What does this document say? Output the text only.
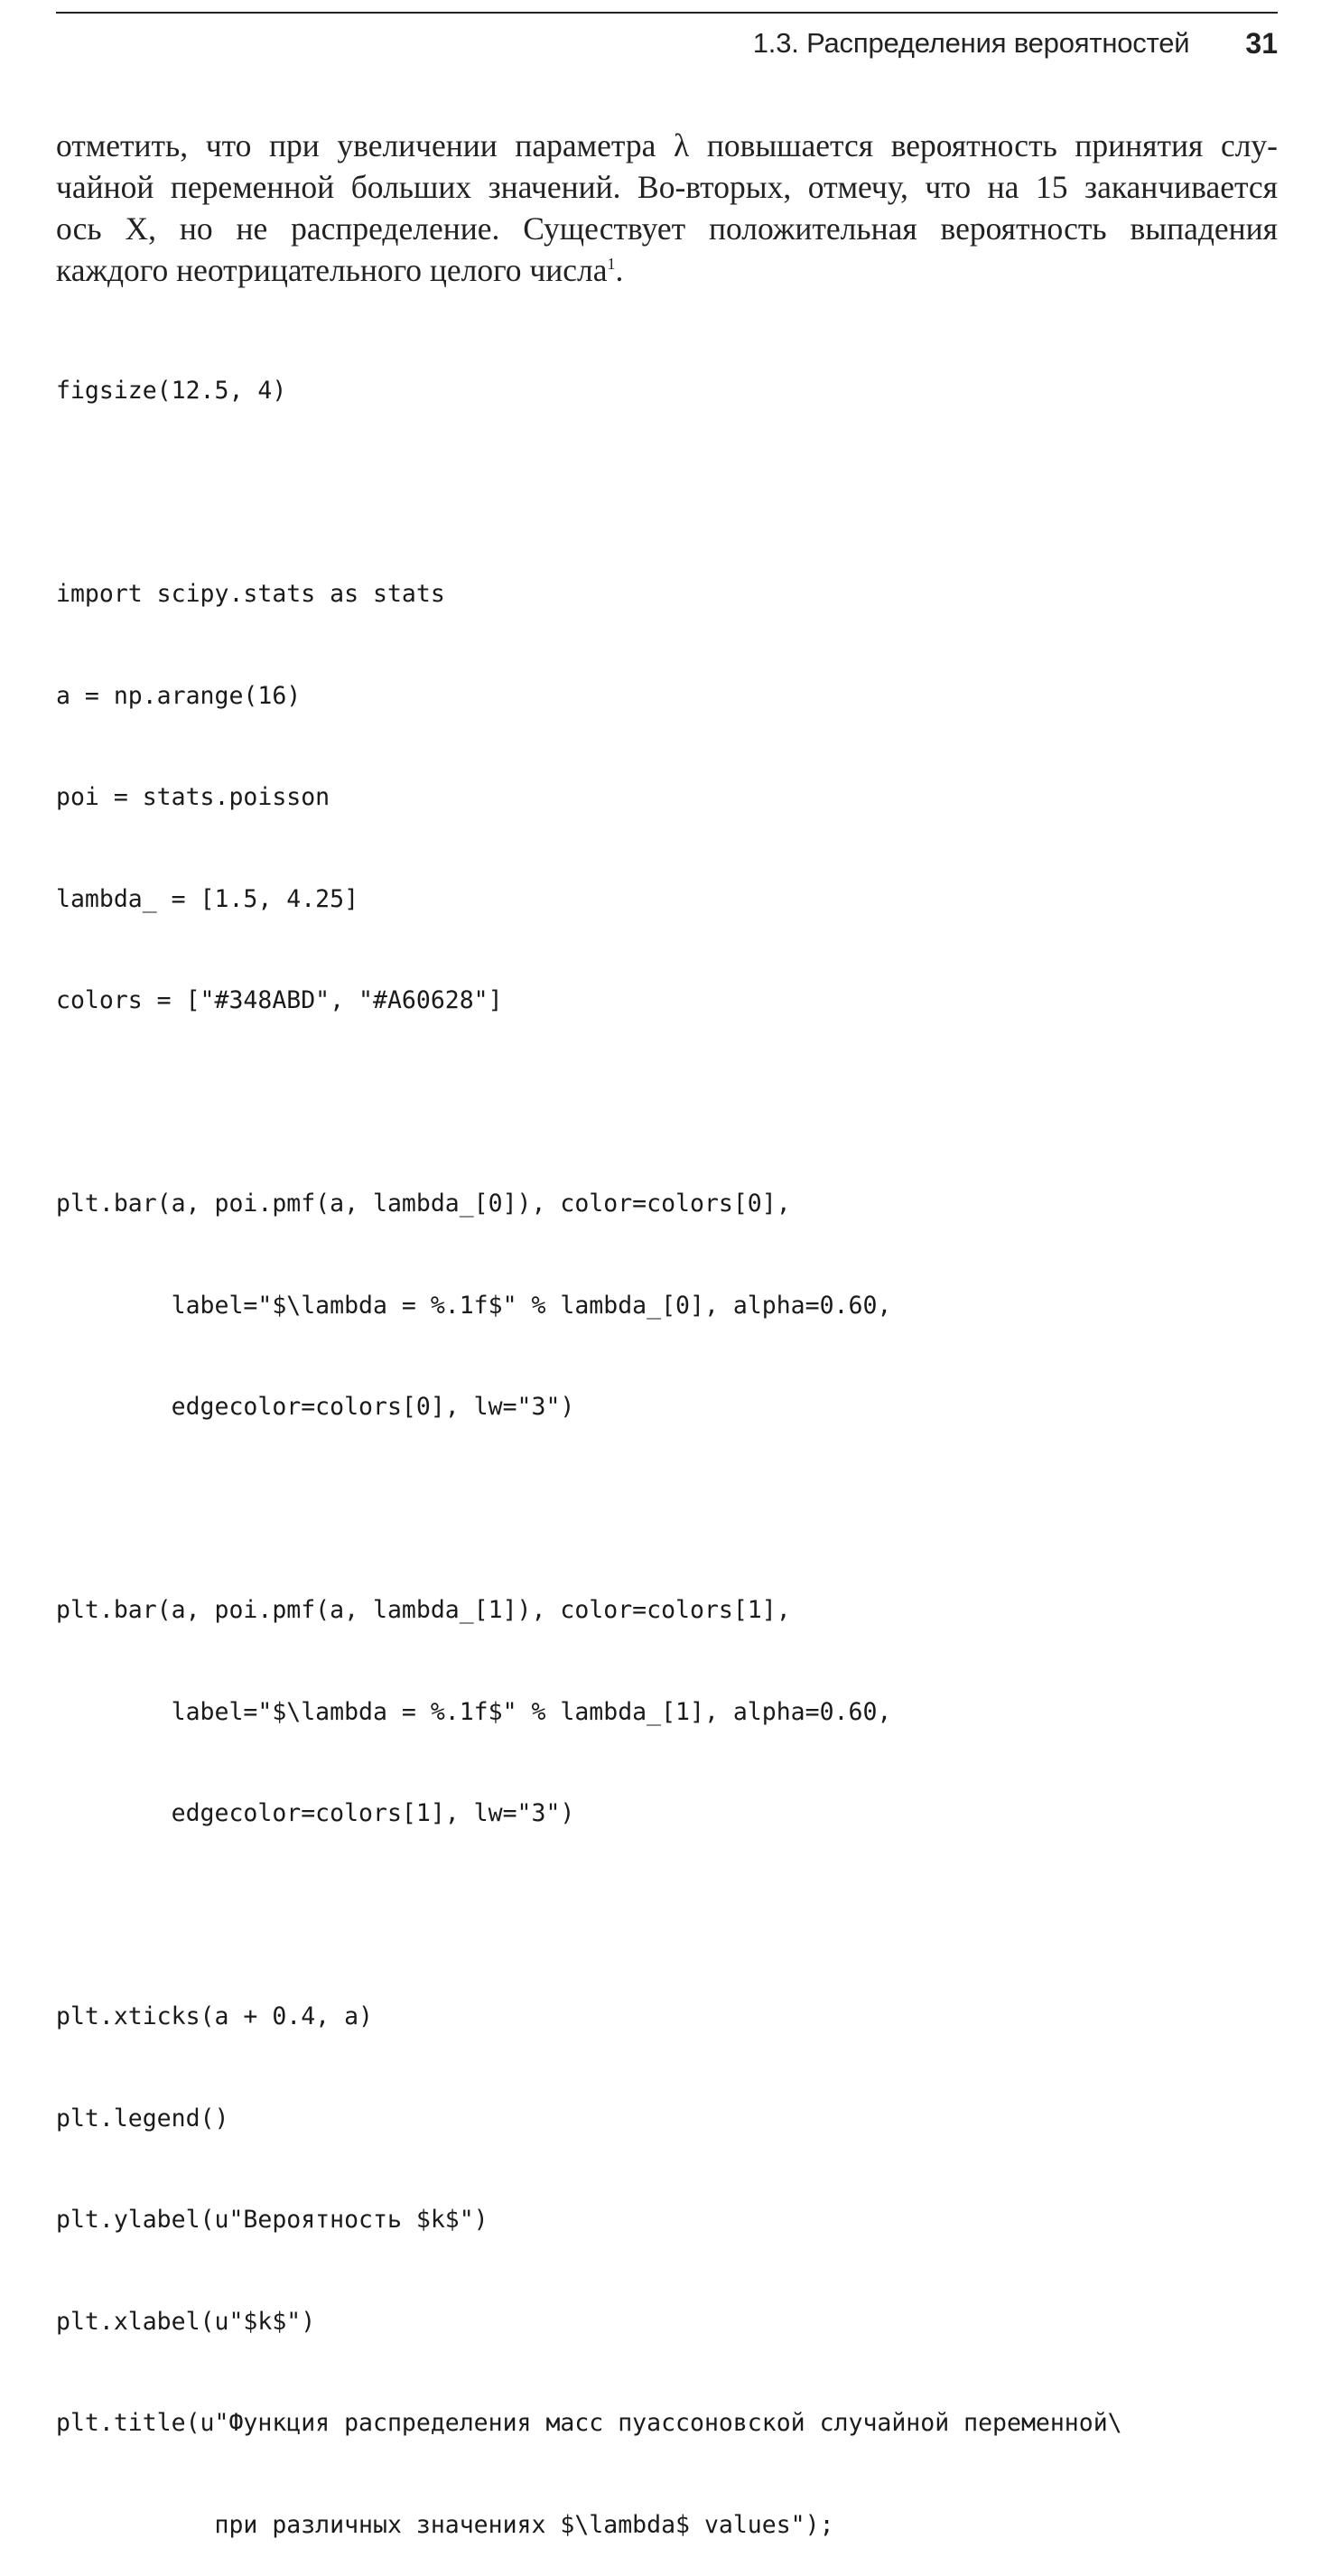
1.3. Распределения вероятностей 31
отметить, что при увеличении параметра λ повышается вероятность принятия слу-
чайной переменной больших значений. Во-вторых, отмечу, что на 15 заканчивается
ось X, но не распределение. Существует положительная вероятность выпадения
каждого неотрицательного целого числа$^1$.

figsize(12.5, 4)

import scipy.stats as stats

a = np.arange(16)

poi = stats.poisson

lambda_ = [1.5, 4.25]

colors = ["#348ABD", "#A60628"]

plt.bar(a, poi.pmf(a, lambda_[0]), color=colors[0],

label="$\lambda = %.1f$" % lambda_[0], alpha=0.60,

edgecolor=colors[0], lw="3")

plt.bar(a, poi.pmf(a, lambda_[1]), color=colors[1],

label="$\lambda = %.1f$" % lambda_[1], alpha=0.60,

edgecolor=colors[1], lw="3")

plt.xticks(a + 0.4, a)

plt.legend()

plt.ylabel(u"Вероятность $k$")

plt.xlabel(u"$k$")

plt.title(u"Функция распределения масс пуассоновской случайной переменной\

при различных значениях $\lambda$ values");
